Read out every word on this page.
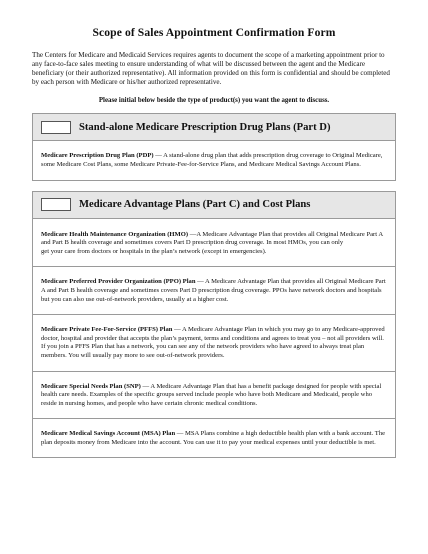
Scope of Sales Appointment Confirmation Form

The Centers for Medicare and Medicaid Services requires agents to document the scope of a marketing appointment prior to any face-to-face sales meeting to ensure understanding of what will be discussed between the agent and the Medicare beneficiary (or their authorized representative). All information provided on this form is confidential and should be completed by each person with Medicare or his/her authorized representative.

Please initial below beside the type of product(s) you want the agent to discuss.

Stand-alone Medicare Prescription Drug Plans (Part D)

Medicare Prescription Drug Plan (PDP) — A stand-alone drug plan that adds prescription drug coverage to Original Medicare, some Medicare Cost Plans, some Medicare Private-Fee-for-Service Plans, and Medicare Medical Savings Account Plans.

Medicare Advantage Plans (Part C) and Cost Plans

Medicare Health Maintenance Organization (HMO) —A Medicare Advantage Plan that provides all Original Medicare Part A and Part B health coverage and sometimes covers Part D prescription drug coverage. In most HMOs, you can only
get your care from doctors or hospitals in the plan’s network (except in emergencies).

Medicare Preferred Provider Organization (PPO) Plan — A Medicare Advantage Plan that provides all Original Medicare Part A and Part B health coverage and sometimes covers Part D prescription drug coverage. PPOs have network doctors and hospitals but you can also use out-of-network providers, usually at a higher cost.

Medicare Private Fee-For-Service (PFFS) Plan — A Medicare Advantage Plan in which you may go to any Medicare-approved doctor, hospital and provider that accepts the plan’s payment, terms and conditions and agrees to treat you – not all providers will. If you join a PFFS Plan that has a network, you can see any of the network providers who have agreed to always treat plan members. You will usually pay more to see out-of-network providers.

Medicare Special Needs Plan (SNP) — A Medicare Advantage Plan that has a benefit package designed for people with special health care needs. Examples of the specific groups served include people who have both Medicare and Medicaid, people who reside in nursing homes, and people who have certain chronic medical conditions.

Medicare Medical Savings Account (MSA) Plan — MSA Plans combine a high deductible health plan with a bank account. The plan deposits money from Medicare into the account. You can use it to pay your medical expenses until your deductible is met.
